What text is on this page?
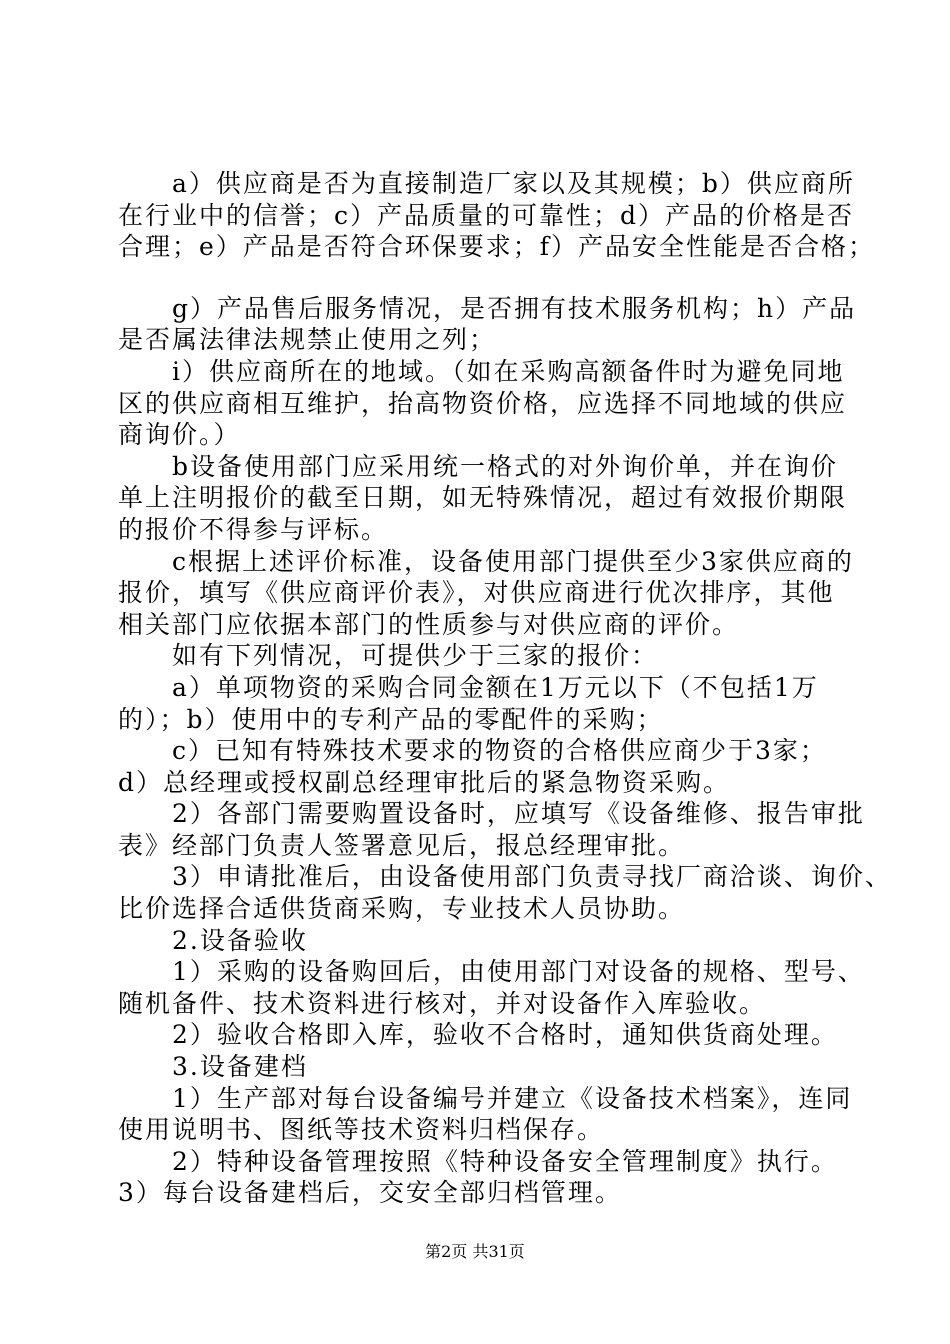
　　a）供应商是否为直接制造厂家以及其规模；b）供应商所
在行业中的信誉；c）产品质量的可靠性；d）产品的价格是否
合理；e）产品是否符合环保要求；f）产品安全性能是否合格；
　　g）产品售后服务情况，是否拥有技术服务机构；h）产品
是否属法律法规禁止使用之列；
　　i）供应商所在的地域。（如在采购高额备件时为避免同地
区的供应商相互维护，抬高物资价格，应选择不同地域的供应
商询价。）
　　b设备使用部门应采用统一格式的对外询价单，并在询价
单上注明报价的截至日期，如无特殊情况，超过有效报价期限
的报价不得参与评标。
　　c根据上述评价标准，设备使用部门提供至少3家供应商的
报价，填写《供应商评价表》，对供应商进行优次排序，其他
相关部门应依据本部门的性质参与对供应商的评价。
　　如有下列情况，可提供少于三家的报价：
　　a）单项物资的采购合同金额在1万元以下（不包括1万
的）；b）使用中的专利产品的零配件的采购；
　　c）已知有特殊技术要求的物资的合格供应商少于3家；
d）总经理或授权副总经理审批后的紧急物资采购。
　　2）各部门需要购置设备时，应填写《设备维修、报告审批
表》经部门负责人签署意见后，报总经理审批。
　　3）申请批准后，由设备使用部门负责寻找厂商洽谈、询价、
比价选择合适供货商采购，专业技术人员协助。
　　2.设备验收
　　1）采购的设备购回后，由使用部门对设备的规格、型号、
随机备件、技术资料进行核对，并对设备作入库验收。
　　2）验收合格即入库，验收不合格时，通知供货商处理。
　　3.设备建档
　　1）生产部对每台设备编号并建立《设备技术档案》，连同
使用说明书、图纸等技术资料归档保存。
　　2）特种设备管理按照《特种设备安全管理制度》执行。
3）每台设备建档后，交安全部归档管理。
第2页 共31页
